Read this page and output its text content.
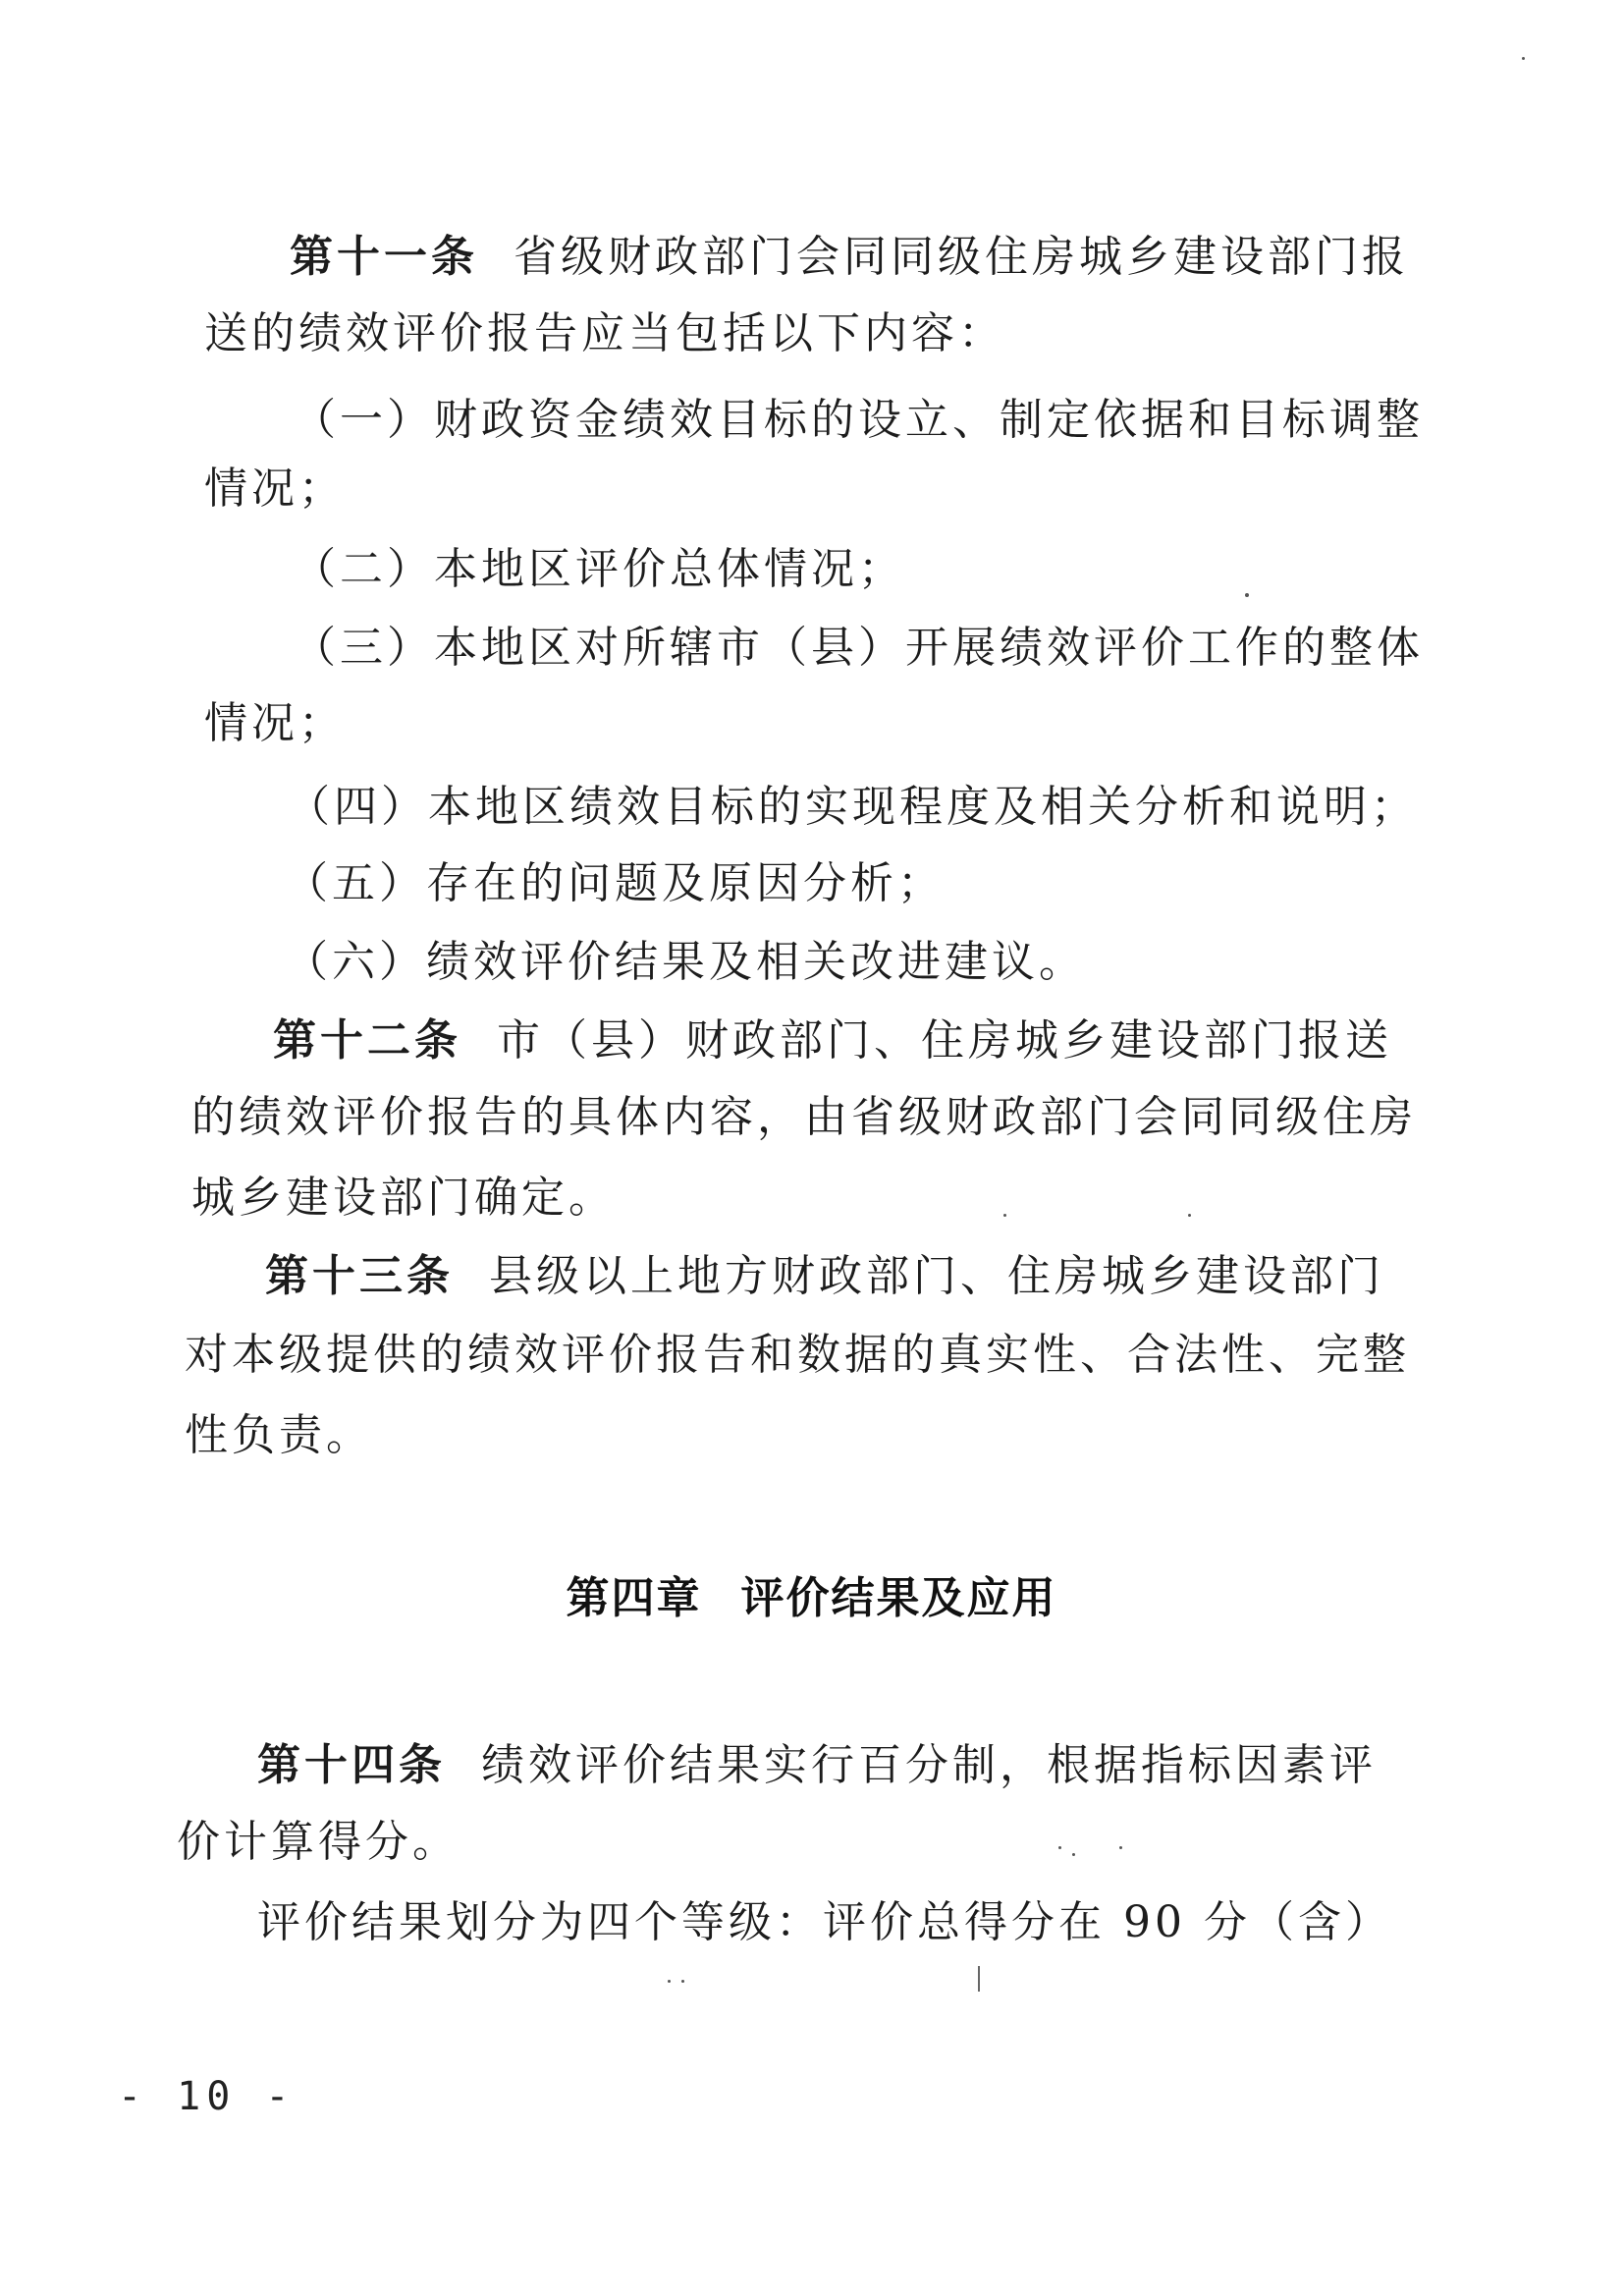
第十一条 省级财政部门会同同级住房城乡建设部门报
送的绩效评价报告应当包括以下内容：
（一）财政资金绩效目标的设立、制定依据和目标调整
情况；
（二）本地区评价总体情况；
（三）本地区对所辖市（县）开展绩效评价工作的整体
情况；
（四）本地区绩效目标的实现程度及相关分析和说明；
（五）存在的问题及原因分析；
（六）绩效评价结果及相关改进建议。
第十二条 市（县）财政部门、住房城乡建设部门报送
的绩效评价报告的具体内容，由省级财政部门会同同级住房
城乡建设部门确定。
第十三条 县级以上地方财政部门、住房城乡建设部门
对本级提供的绩效评价报告和数据的真实性、合法性、完整
性负责。
第四章 评价结果及应用
第十四条 绩效评价结果实行百分制，根据指标因素评
价计算得分。
评价结果划分为四个等级：评价总得分在 90 分（含）
- 10 -
